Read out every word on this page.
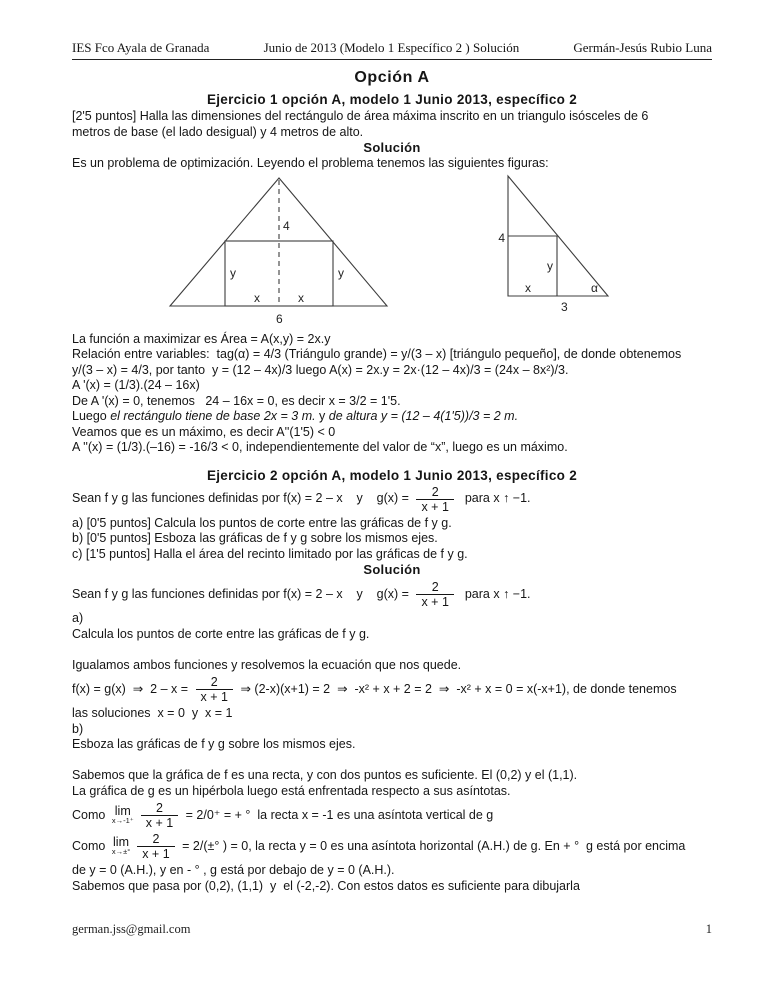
IES Fco Ayala de Granada	Junio de 2013 (Modelo 1 Específico 2 ) Solución	Germán-Jesús Rubio Luna
Opción A
Ejercicio 1 opción A, modelo 1 Junio 2013, específico 2
[2'5 puntos] Halla las dimensiones del rectángulo de área máxima inscrito en un triangulo isósceles de 6
metros de base (el lado desigual) y 4 metros de alto.
Solución
Es un problema de optimización. Leyendo el problema tenemos las siguientes figuras:
4
y	y
x	x
6
4
y
x	α
3
La función a maximizar es Área = A(x,y) = 2x.y
Relación entre variables:  tag(α) = 4/3 (Triángulo grande) = y/(3 – x) [triángulo pequeño], de donde obtenemos
y/(3 – x) = 4/3, por tanto  y = (12 – 4x)/3 luego A(x) = 2x.y = 2x·(12 – 4x)/3 = (24x – 8x²)/3.
A '(x) = (1/3).(24 – 16x)
De A '(x) = 0, tenemos   24 – 16x = 0, es decir x = 3/2 = 1'5.
Luego el rectángulo tiene de base 2x = 3 m. y de altura y = (12 – 4(1'5))/3 = 2 m.
Veamos que es un máximo, es decir A''(1'5) < 0
A ''(x) = (1/3).(–16) = -16/3 < 0, independientemente del valor de “x”, luego es un máximo.
Ejercicio 2 opción A, modelo 1 Junio 2013, específico 2
Sean f y g las funciones definidas por f(x) = 2 – x    y    $g(x) = \frac{2}{x + 1}$ para x ↑ −1.
a) [0'5 puntos] Calcula los puntos de corte entre las gráficas de f y g.
b) [0'5 puntos] Esboza las gráficas de f y g sobre los mismos ejes.
c) [1'5 puntos] Halla el área del recinto limitado por las gráficas de f y g.
Solución
Sean f y g las funciones definidas por f(x) = 2 – x    y    $g(x) = \frac{2}{x + 1}$ para x ↑ −1.
a)
Calcula los puntos de corte entre las gráficas de f y g.
Igualamos ambos funciones y resolvemos la ecuación que nos quede.
f(x) = g(x)  ⇒  $2 - x = \frac{2}{x + 1}$ ⇒ (2-x)(x+1) = 2  ⇒  -x² + x + 2 = 2  ⇒  -x² + x = 0 = x(-x+1), de donde tenemos
las soluciones  x = 0  y  x = 1
b)
Esboza las gráficas de f y g sobre los mismos ejes.
Sabemos que la gráfica de f es una recta, y con dos puntos es suficiente. El (0,2) y el (1,1).
La gráfica de g es un hipérbola luego está enfrentada respecto a sus asíntotas.
Como lim
$x\to-1^+ \frac{2}{x + 1} = 2/0^+$ = + °  la recta x = -1 es una asíntota vertical de g
Como lim
$x\to\pm^\circ \frac{2}{x + 1} = 2/(\pm^\circ$ ) = 0, la recta y = 0 es una asíntota horizontal (A.H.) de g. En + °  g está por encima
de y = 0 (A.H.), y en - ° , g está por debajo de y = 0 (A.H.).
Sabemos que pasa por (0,2), (1,1)  y  el (-2,-2). Con estos datos es suficiente para dibujarla
german.jss@gmail.com	1
